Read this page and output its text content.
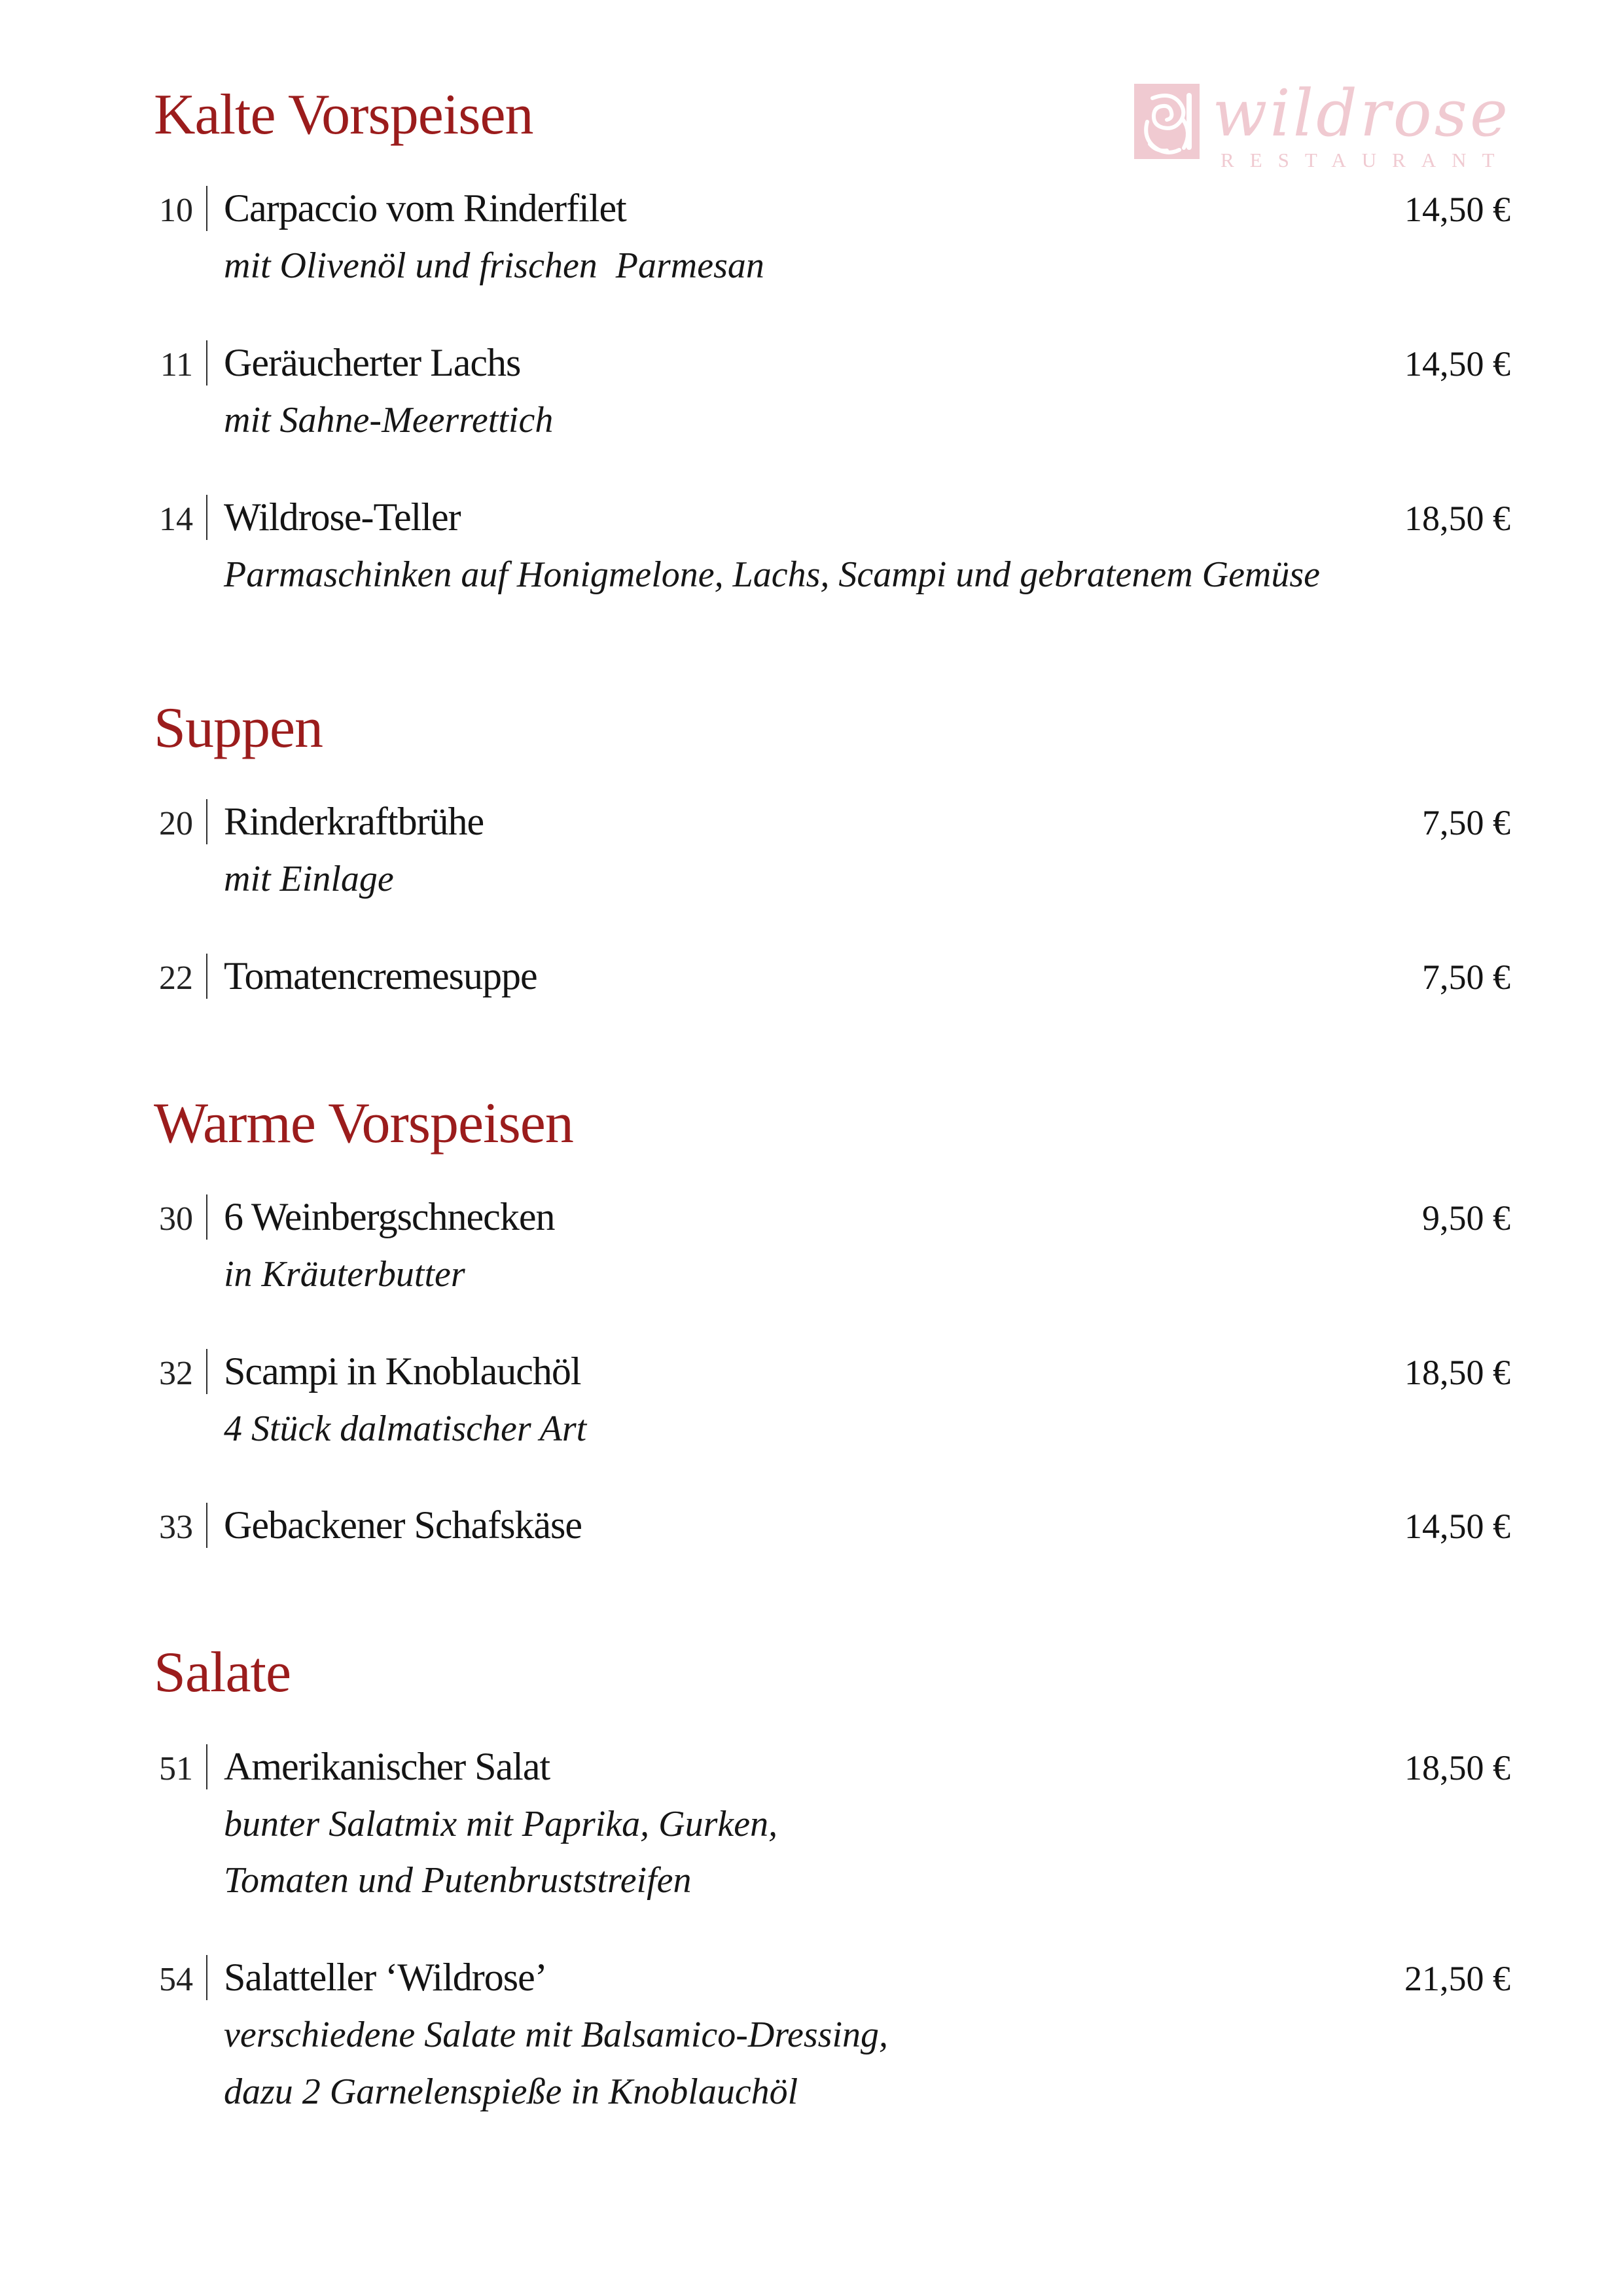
wildrose
RESTAURANT
Kalte Vorspeisen
10 Carpaccio vom Rinderfilet	14,50 €
mit Olivenöl und frischen  Parmesan
11 Geräucherter Lachs	14,50 €
mit Sahne-Meerrettich
14 Wildrose-Teller	18,50 €
Parmaschinken auf Honigmelone, Lachs, Scampi und gebratenem Gemüse
Suppen
20 Rinderkraftbrühe	7,50 €
mit Einlage
22 Tomatencremesuppe	7,50 €
Warme Vorspeisen
30 6 Weinbergschnecken	9,50 €
in Kräuterbutter
32 Scampi in Knoblauchöl	18,50 €
4 Stück dalmatischer Art
33 Gebackener Schafskäse	14,50 €
Salate
51 Amerikanischer Salat	18,50 €
bunter Salatmix mit Paprika, Gurken,
Tomaten und Putenbruststreifen
54 Salatteller ‘Wildrose’	21,50 €
verschiedene Salate mit Balsamico-Dressing,
dazu 2 Garnelenspieße in Knoblauchöl
